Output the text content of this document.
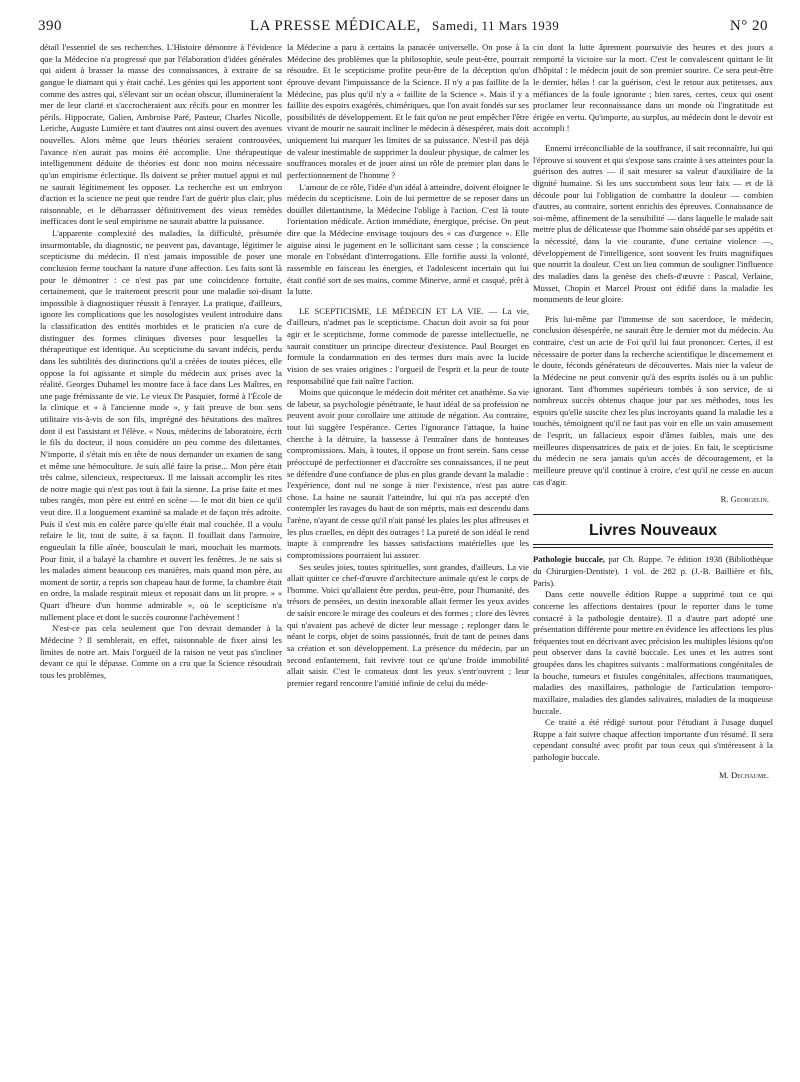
390	LA PRESSE MÉDICALE, Samedi, 11 Mars 1939	N° 20

détail l'essentiel de ses recherches. L'Histoire démontre à l'évidence que la Médecine n'a progressé que par l'élaboration d'idées générales qui aident à brasser la masse des connaissances, à extraire de sa gangue le diamant qui y était caché. Les génies qui les apportent sont comme des astres qui, s'élevant sur un océan obscur, illumineraient la mer de leur clarté et s'accrocheraient aux récifs pour en montrer les périls. Hippocrate, Galien, Ambroise Paré, Pasteur, Charles Nicolle, Leriche, Auguste Lumière et tant d'autres ont ainsi ouvert des avenues nouvelles. Alors même que leurs théories seraient controuvées, l'avance n'en aurait pas moins été accomplie. Une thérapeutique intelligemment déduite de théories est donc non moins nécessaire qu'un empirisme éclectique. Ils doivent se prêter mutuel appui et nul ne saurait légitimement les opposer. La recherche est un embryon d'action et la science ne peut que rendre l'art de guérir plus clair, plus raisonnable, et le débarrasser définitivement des vieux remèdes inefficaces dont le seul empirisme ne saurait abattre la puissance.

L'apparente complexité des maladies, la difficulté, présumée insurmontable, du diagnostic, ne peuvent pas, davantage, légitimer le scepticisme du médecin. Il n'est jamais impossible de poser une conclusion ferme touchant la nature d'une affection. Les faits sont là pour le démontrer : ce n'est pas par une coïncidence fortuite, certainement, que le traitement prescrit pour une maladie soi-disant impossible à diagnostiquer réussit à l'enrayer. La pratique, d'ailleurs, ignore les complications que les nosologistes veulent introduire dans la classification des entités morbides et le praticien n'a cure de distinguer des formes cliniques diverses pour lesquelles la thérapeutique est identique. Au scepticisme du savant indécis, perdu dans les subtilités des distinctions qu'il a créées de toutes pièces, elle oppose la foi agissante et simple du médecin aux prises avec la réalité. Georges Duhamel les montre face à face dans Les Maîtres, en une page frémissante de vie. Le vieux Dr Pasquier, formé à l'École de la clinique et « à l'ancienne mode », y fait preuve de bon sens utilitaire vis-à-vis de son fils, imprégné des hésitations des maîtres dont il est l'assistant et l'élève. « Nous, médecins de laboratoire, écrit le fils du docteur, il nous considère un peu comme des dilettantes. N'importe, il s'était mis en tête de nous demander un examen de sang et même une hémoculture. Je suis allé faire la prise... Mon père était très calme, silencieux, respectueux. Il me laissait accomplir les rites de notre magie qui n'est pas tout à fait la sienne. La prise faite et mes tubes rangés, mon père est entré en scène — le mot dit bien ce qu'il veut dire. Il a longuement examiné sa malade et de façon très adroite. Puis il s'est mis en colère parce qu'elle était mal couchée. Il a voulu refaire le lit, tout de suite, à sa façon. Il fouillait dans l'armoire, engueulait la fille aînée, bousculait le mari, mouchait les marmots. Pour finir, il a balayé la chambre et ouvert les fenêtres. Je ne sais si les malades aiment beaucoup ces manières, mais quand mon père, au moment de sortir, a repris son chapeau haut de forme, la chambre était en ordre, la malade respirait mieux et reposait dans un lit propre. » « Quart d'heure d'un homme admirable », où le scepticisme n'a nullement place et dont le succès couronne l'achèvement !

N'est-ce pas cela seulement que l'on devrait demander à la Médecine ? Il semblerait, en effet, raisonnable de fixer ainsi les limites de notre art. Mais l'orgueil de la raison ne veut pas s'incliner devant ce qui le dépasse. Comme on a cru que la Science résoudrait tous les problèmes,

la Médecine a paru à certains la panacée universelle. On pose à la Médecine des problèmes que la philosophie, seule peut-être, pourrait résoudre. Et le scepticisme profite peut-être de la déception qu'on éprouve devant l'impuissance de la Science. Il n'y a pas faillite de la Médecine, pas plus qu'il n'y a « faillite de la Science ». Mais il y a faillite des espoirs exagérés, chimériques, que l'on avait fondés sur ses possibilités de développement. Et le fait qu'on ne peut empêcher l'être vivant de mourir ne saurait incliner le médecin à désespérer, mais doit uniquement lui marquer les limites de sa puissance. N'est-il pas déjà de valeur inestimable de supprimer la douleur physique, de calmer les souffrances morales et de jouer ainsi un rôle de premier plan dans le perfectionnement de l'homme ?

L'amour de ce rôle, l'idée d'un idéal à atteindre, doivent éloigner le médecin du scepticisme. Loin de lui permettre de se reposer dans un douillet dilettantisme, la Médecine l'oblige à l'action. C'est là toute l'orientation médicale. Action immédiate, énergique, précise. On peut dire que la Médecine envisage toujours des « cas d'urgence ». Elle aiguise ainsi le jugement en le sollicitant sans cesse ; la conscience morale en l'obsédant d'interrogations. Elle fortifie aussi la volonté, rassemble en faisceau les énergies, et l'adolescent incertain qui lui était confié sort de ses mains, comme Minerve, armé et casqué, prêt à la lutte.

LE SCEPTICISME, LE MÉDECIN ET LA VIE. — La vie, d'ailleurs, n'admet pas le scepticisme. Chacun doit avoir sa foi pour agir et le scepticisme, forme commode de paresse intellectuelle, ne saurait constituer un principe directeur d'existence. Paul Bourget en formule la condamnation en des termes durs mais avec la lucide vision de ses vraies origines : l'orgueil de l'esprit et la peur de toute responsabilité que fait naître l'action.

Moins que quiconque le médecin doit mériter cet anathème. Sa vie de labeur, sa psychologie pénétrante, le haut idéal de sa profession ne peuvent avoir pour corollaire une attitude de négation. Au contraire, tout lui suggère l'espérance. Certes l'ignorance l'attaque, la haine cherche à la détruire, la bassesse à l'entraîner dans de honteuses compromissions. Mais, à toutes, il oppose un front serein. Sans cesse préoccupé de perfectionner et d'accroître ses connaissances, il ne peut se défendre d'une confiance de plus en plus grande devant la maladie : l'expérience, dont nul ne songe à nier l'existence, n'est pas autre chose. La haine ne saurait l'atteindre, lui qui n'a pas accepté d'en contempler les ravages du haut de son mépris, mais est descendu dans l'arène, n'ayant de cesse qu'il n'ait pansé les plaies les plus affreuses et les plus cruelles, en dépit des outrages ! La pureté de son idéal le rend inapte à comprendre les basses satisfactions matérielles que les compromissions pourraient lui assurer.

Ses seules joies, toutes spirituelles, sont grandes, d'ailleurs. La vie allait quitter ce chef-d'œuvre d'architecture animale qu'est le corps de l'homme. Voici qu'allaient être perdus, peut-être, pour l'humanité, des trésors de pensées, un destin inexorable allait fermer les yeux avides de saisir encore le mirage des couleurs et des formes ; clore des lèvres qui n'avaient pas achevé de dicter leur message ; replonger dans le néant le corps, objet de soins passionnés, fruit de tant de peines dans sa création et son développement. La présence du médecin, par un second enfantement, fait revivre tout ce qu'une froide immobilité allait saisir. C'est le comateux dont les yeux s'entr'ouvrent ; leur premier regard rencontre l'amitié infinie de celui du méde-

cin dont la lutte âprement poursuivie des heures et des jours a remporté la victoire sur la mort. C'est le convalescent quittant le lit d'hôpital : le médecin jouit de son premier sourire. Ce sera peut-être le dernier, hélas ! car la guérison, c'est le retour aux petitesses, aux méfiances de la foule ignorante ; bien rares, certes, ceux qui osent proclamer leur reconnaissance dans un monde où l'ingratitude est érigée en vertu. Qu'importe, au surplus, au médecin dont le devoir est accompli !

Ennemi irréconciliable de la souffrance, il sait reconnaître, lui qui l'éprouve si souvent et qui s'expose sans crainte à ses atteintes pour la guérison des autres — il sait mesurer sa valeur d'auxiliaire de la dignité humaine. Si les uns succombent sous leur faix — et de là découle pour lui l'obligation de combattre la douleur — combien d'autres, au contraire, sortent enrichis des épreuves. Connaissance de soi-même, affinement de la sensibilité — dans laquelle le malade sait mettre plus de délicatesse que l'homme sain obsédé par ses appétits et la nécessité, dans la vie courante, d'une certaine violence —, développement de l'intelligence, sont souvent les fruits magnifiques que nourrit la douleur. C'est un lieu commun de souligner l'influence des maladies dans la genèse des chefs-d'œuvre : Pascal, Verlaine, Musset, Chopin et Marcel Proust ont édifié dans la maladie les monuments de leur gloire.

Pris lui-même par l'immense de son sacerdoce, le médecin, conclusion désespérée, ne saurait être le dernier mot du médecin. Au contraire, c'est un acte de Foi qu'il lui faut prononcer. Certes, il est nécessaire de porter dans la recherche scientifique le discernement et le doute, féconds générateurs de découvertes. Mais nier la valeur de la Médecine ne peut convenir qu'à des esprits isolés ou à un public ignorant. Tant d'hommes supérieurs tombés à son service, de si nombreux succès obtenus chaque jour par ses méthodes, tous les espoirs qu'elle suscite chez les plus incroyants quand la maladie les a touchés, témoignent qu'il ne faut pas voir en elle un vain amusement de l'esprit, un fallacieux espoir d'âmes faibles, mais une des meilleures dispensatrices de paix et de joies. En fait, le scepticisme du médecin ne sera jamais qu'un accès de découragement, et la meilleure preuve qu'il continue à croire, c'est qu'il ne cesse en aucun cas d'agir.

R. Georgelin.
Livres Nouveaux

Pathologie buccale, par Ch. Ruppe. 7e édition 1938 (Bibliothèque du Chirurgien-Dentiste). 1 vol. de 282 p. (J.-B. Baillière et fils, Paris).

Dans cette nouvelle édition Ruppe a supprimé tout ce qui concerne les affections dentaires (pour le reporter dans le tome consacré à la pathologie dentaire). Il a d'autre part adopté une présentation différente pour mettre en évidence les affections les plus fréquentes tout en décrivant avec précision les multiples lésions qu'on peut observer dans la cavité buccale. Les unes et les autres sont groupées dans les chapitres suivants : malformations congénitales de la bouche, tumeurs et fistules congénitales, affections traumatiques, maladies des maxillaires, pathologie de l'articulation temporo-maxillaire, maladies des glandes salivaires, maladies de la muqueuse buccale.

Ce traité a été rédigé surtout pour l'étudiant à l'usage duquel Ruppe a fait suivre chaque affection importante d'un résumé. Il sera cependant consulté avec profit par tous ceux qui s'intéressent à la pathologie buccale.

M. Dechaume.
